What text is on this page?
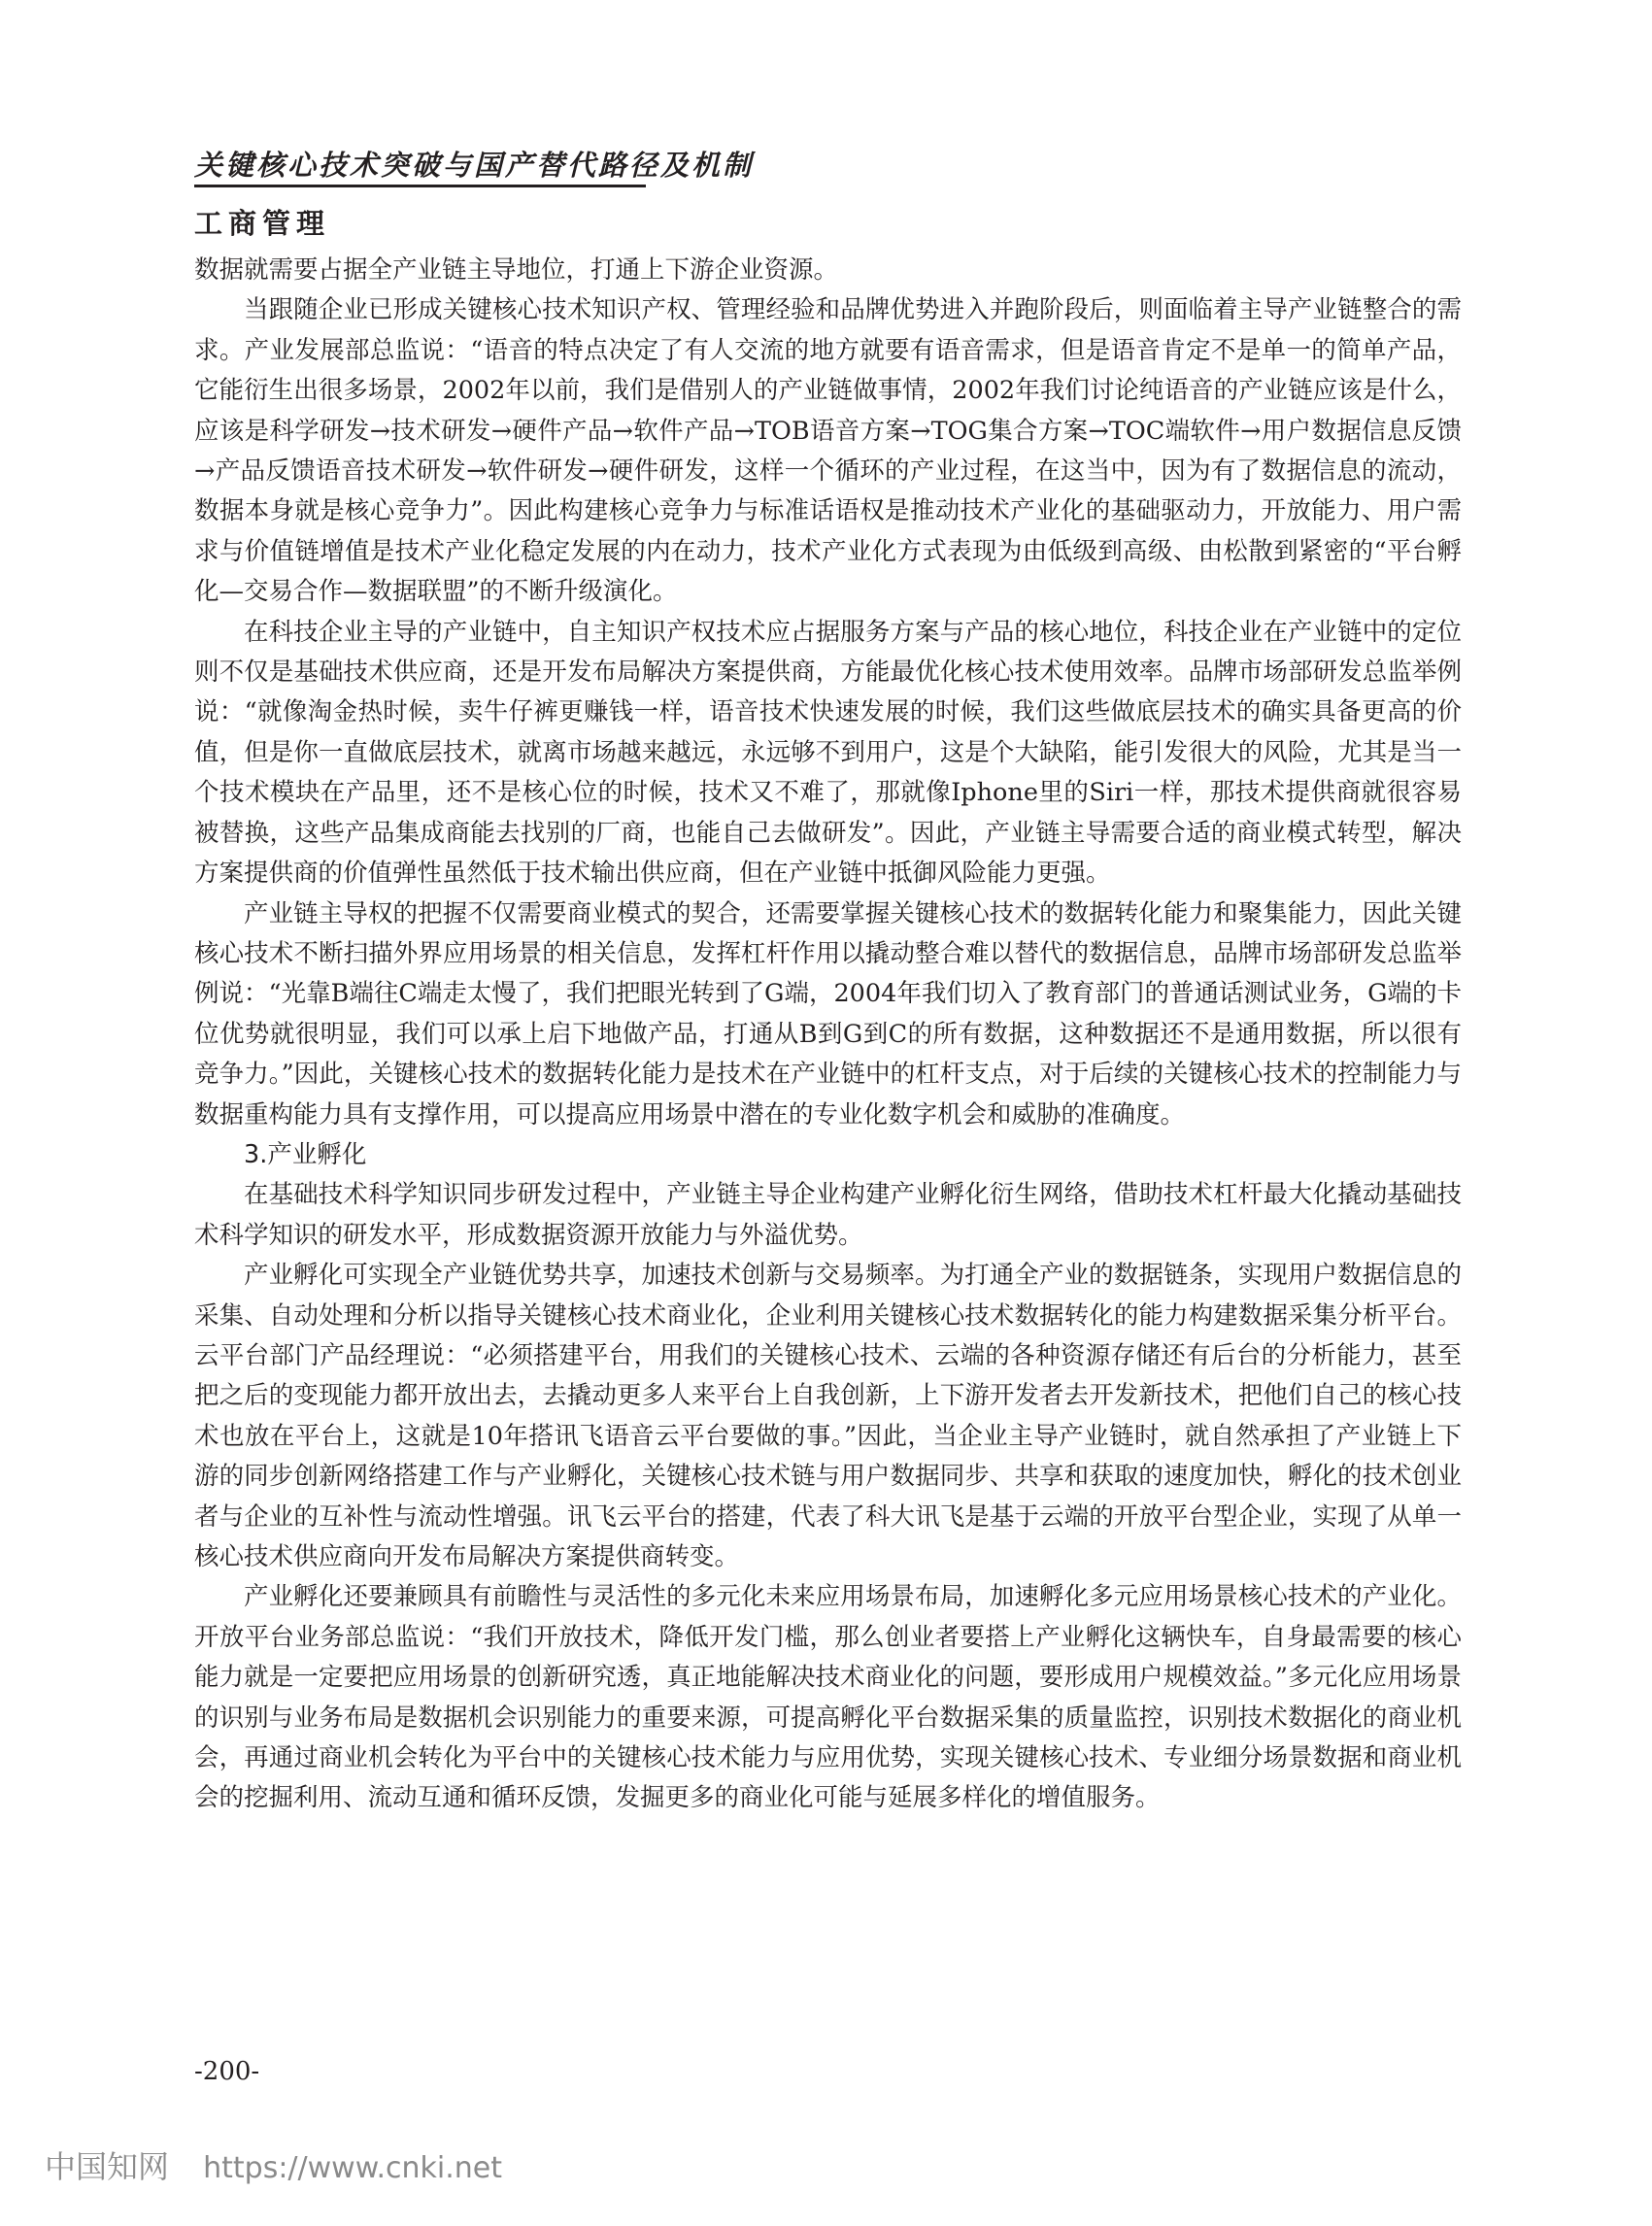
关键核心技术突破与国产替代路径及机制
工商管理

数据就需要占据全产业链主导地位，打通上下游企业资源。

当跟随企业已形成关键核心技术知识产权、管理经验和品牌优势进入并跑阶段后，则面临着主导产业链整合的需求。产业发展部总监说：“语音的特点决定了有人交流的地方就要有语音需求，但是语音肯定不是单一的简单产品，它能衍生出很多场景，2002年以前，我们是借别人的产业链做事情，2002年我们讨论纯语音的产业链应该是什么，应该是科学研发→技术研发→硬件产品→软件产品→TOB语音方案→TOG集合方案→TOC端软件→用户数据信息反馈→产品反馈语音技术研发→软件研发→硬件研发，这样一个循环的产业过程，在这当中，因为有了数据信息的流动，数据本身就是核心竞争力”。因此构建核心竞争力与标准话语权是推动技术产业化的基础驱动力，开放能力、用户需求与价值链增值是技术产业化稳定发展的内在动力，技术产业化方式表现为由低级到高级、由松散到紧密的“平台孵化—交易合作—数据联盟”的不断升级演化。

在科技企业主导的产业链中，自主知识产权技术应占据服务方案与产品的核心地位，科技企业在产业链中的定位则不仅是基础技术供应商，还是开发布局解决方案提供商，方能最优化核心技术使用效率。品牌市场部研发总监举例说：“就像淘金热时候，卖牛仔裤更赚钱一样，语音技术快速发展的时候，我们这些做底层技术的确实具备更高的价值，但是你一直做底层技术，就离市场越来越远，永远够不到用户，这是个大缺陷，能引发很大的风险，尤其是当一个技术模块在产品里，还不是核心位的时候，技术又不难了，那就像Iphone里的Siri一样，那技术提供商就很容易被替换，这些产品集成商能去找别的厂商，也能自己去做研发”。因此，产业链主导需要合适的商业模式转型，解决方案提供商的价值弹性虽然低于技术输出供应商，但在产业链中抵御风险能力更强。

产业链主导权的把握不仅需要商业模式的契合，还需要掌握关键核心技术的数据转化能力和聚集能力，因此关键核心技术不断扫描外界应用场景的相关信息，发挥杠杆作用以撬动整合难以替代的数据信息，品牌市场部研发总监举例说：“光靠B端往C端走太慢了，我们把眼光转到了G端，2004年我们切入了教育部门的普通话测试业务，G端的卡位优势就很明显，我们可以承上启下地做产品，打通从B到G到C的所有数据，这种数据还不是通用数据，所以很有竞争力。”因此，关键核心技术的数据转化能力是技术在产业链中的杠杆支点，对于后续的关键核心技术的控制能力与数据重构能力具有支撑作用，可以提高应用场景中潜在的专业化数字机会和威胁的准确度。

3.产业孵化

在基础技术科学知识同步研发过程中，产业链主导企业构建产业孵化衍生网络，借助技术杠杆最大化撬动基础技术科学知识的研发水平，形成数据资源开放能力与外溢优势。

产业孵化可实现全产业链优势共享，加速技术创新与交易频率。为打通全产业的数据链条，实现用户数据信息的采集、自动处理和分析以指导关键核心技术商业化，企业利用关键核心技术数据转化的能力构建数据采集分析平台。云平台部门产品经理说：“必须搭建平台，用我们的关键核心技术、云端的各种资源存储还有后台的分析能力，甚至把之后的变现能力都开放出去，去撬动更多人来平台上自我创新，上下游开发者去开发新技术，把他们自己的核心技术也放在平台上，这就是10年搭讯飞语音云平台要做的事。”因此，当企业主导产业链时，就自然承担了产业链上下游的同步创新网络搭建工作与产业孵化，关键核心技术链与用户数据同步、共享和获取的速度加快，孵化的技术创业者与企业的互补性与流动性增强。讯飞云平台的搭建，代表了科大讯飞是基于云端的开放平台型企业，实现了从单一核心技术供应商向开发布局解决方案提供商转变。

产业孵化还要兼顾具有前瞻性与灵活性的多元化未来应用场景布局，加速孵化多元应用场景核心技术的产业化。开放平台业务部总监说：“我们开放技术，降低开发门槛，那么创业者要搭上产业孵化这辆快车，自身最需要的核心能力就是一定要把应用场景的创新研究透，真正地能解决技术商业化的问题，要形成用户规模效益。”多元化应用场景的识别与业务布局是数据机会识别能力的重要来源，可提高孵化平台数据采集的质量监控，识别技术数据化的商业机会，再通过商业机会转化为平台中的关键核心技术能力与应用优势，实现关键核心技术、专业细分场景数据和商业机会的挖掘利用、流动互通和循环反馈，发掘更多的商业化可能与延展多样化的增值服务。

-200-
中国知网 https://www.cnki.net
